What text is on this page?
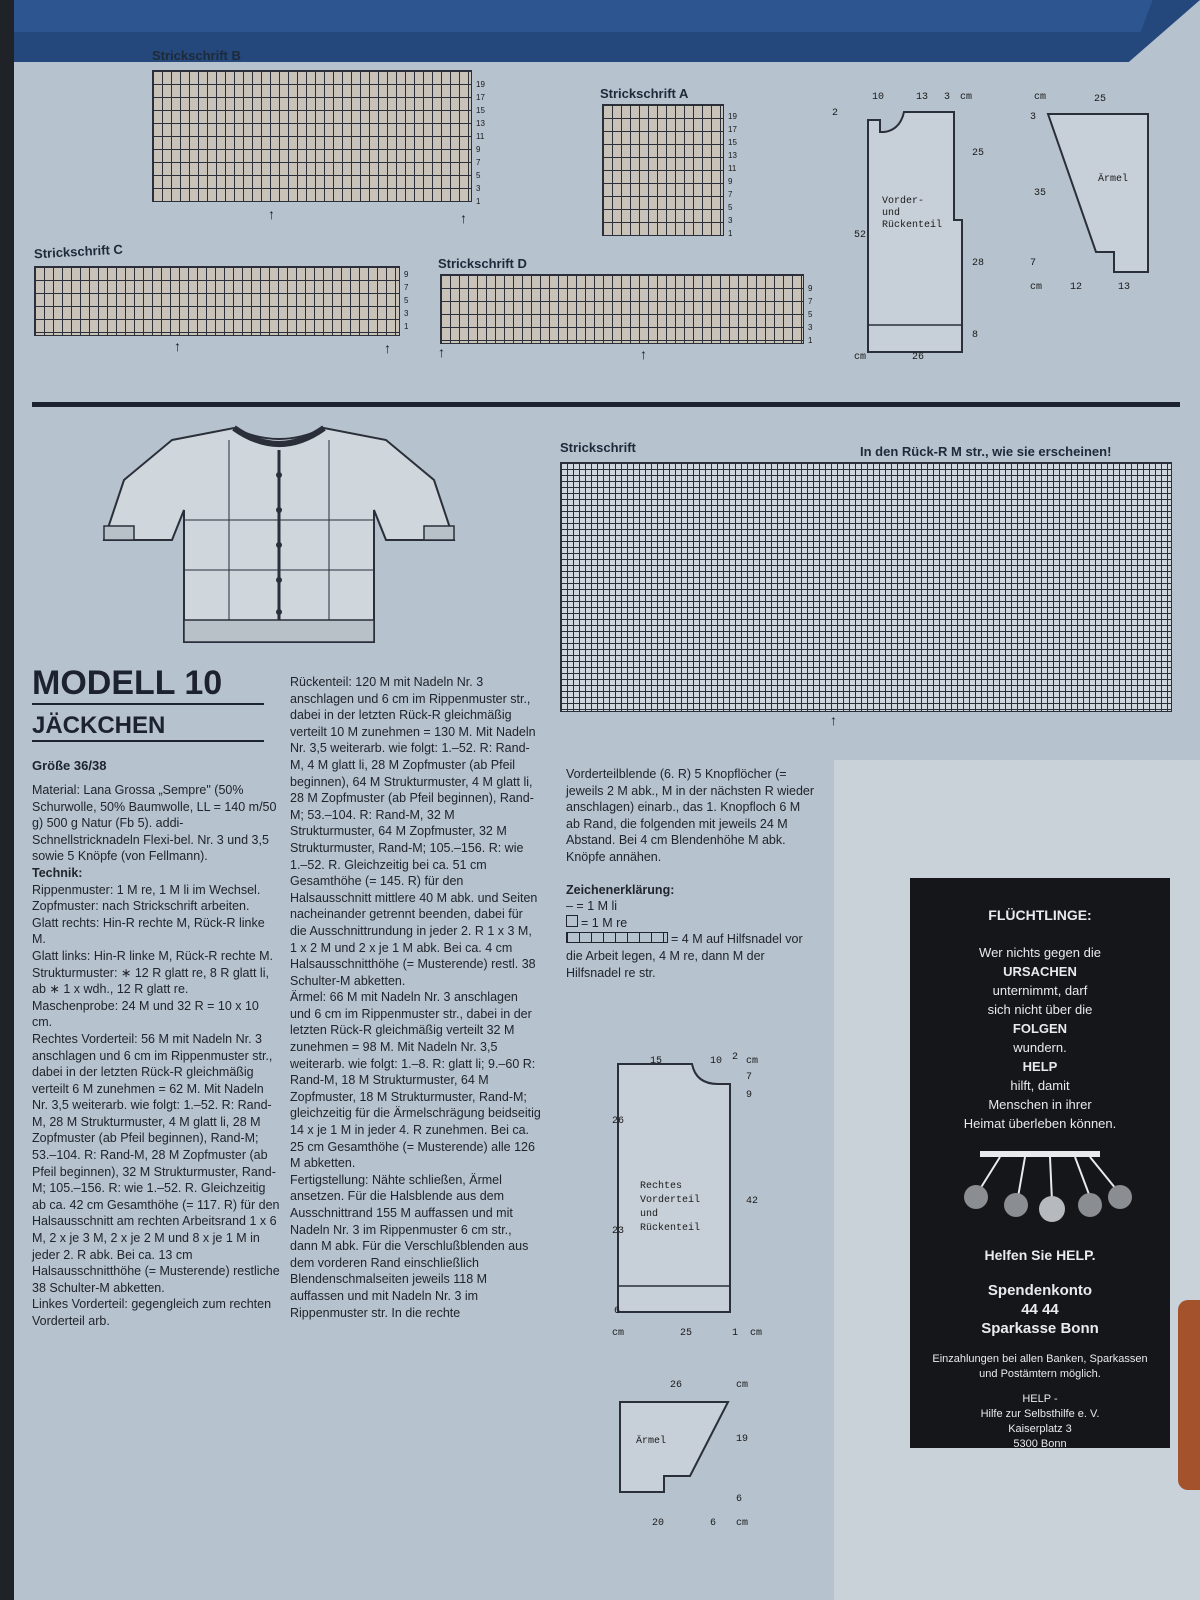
Strickschrift B
19
17
15
13
11
9
7
5
3
1
↑	↑
Strickschrift A
19
17
15
13
11
9
7
5
3
1
Strickschrift C
9
7
5
3
1
↑	↑
Strickschrift D
9
7
5
3
1
↑	↑
10	13 3 cm
2
25
52
28
8
cm	26
Vorder-
und
Rückenteil
cm	25
3
35
Ärmel
7
cm	12	13
Strickschrift	In den Rück-R M str., wie sie erscheinen!
↑
MODELL 10
JÄCKCHEN
Größe 36/38

Material: Lana Grossa „Sempre" (50% Schurwolle, 50% Baumwolle, LL = 140 m/50 g) 500 g Natur (Fb 5). addi-Schnellstricknadeln Flexi-bel. Nr. 3 und 3,5 sowie 5 Knöpfe (von Fellmann).

Technik:

Rippenmuster: 1 M re, 1 M li im Wechsel.

Zopfmuster: nach Strickschrift arbeiten.

Glatt rechts: Hin-R rechte M, Rück-R linke M.

Glatt links: Hin-R linke M, Rück-R rechte M.

Strukturmuster: ∗ 12 R glatt re, 8 R glatt li, ab ∗ 1 x wdh., 12 R glatt re.

Maschenprobe: 24 M und 32 R = 10 x 10 cm.

Rechtes Vorderteil: 56 M mit Nadeln Nr. 3 anschlagen und 6 cm im Rippenmuster str., dabei in der letzten Rück-R gleichmäßig verteilt 6 M zunehmen = 62 M. Mit Nadeln Nr. 3,5 weiterarb. wie folgt: 1.–52. R: Rand-M, 28 M Strukturmuster, 4 M glatt li, 28 M Zopfmuster (ab Pfeil beginnen), Rand-M; 53.–104. R: Rand-M, 28 M Zopfmuster (ab Pfeil beginnen), 32 M Strukturmuster, Rand-M; 105.–156. R: wie 1.–52. R. Gleichzeitig ab ca. 42 cm Gesamthöhe (= 117. R) für den Halsausschnitt am rechten Arbeitsrand 1 x 6 M, 2 x je 3 M, 2 x je 2 M und 8 x je 1 M in jeder 2. R abk. Bei ca. 13 cm Halsausschnitthöhe (= Musterende) restliche 38 Schulter-M abketten.

Linkes Vorderteil: gegengleich zum rechten Vorderteil arb.

Rückenteil: 120 M mit Nadeln Nr. 3 anschlagen und 6 cm im Rippenmuster str., dabei in der letzten Rück-R gleichmäßig verteilt 10 M zunehmen = 130 M. Mit Nadeln Nr. 3,5 weiterarb. wie folgt: 1.–52. R: Rand-M, 4 M glatt li, 28 M Zopfmuster (ab Pfeil beginnen), 64 M Strukturmuster, 4 M glatt li, 28 M Zopfmuster (ab Pfeil beginnen), Rand-M; 53.–104. R: Rand-M, 32 M Strukturmuster, 64 M Zopfmuster, 32 M Strukturmuster, Rand-M; 105.–156. R: wie 1.–52. R. Gleichzeitig bei ca. 51 cm Gesamthöhe (= 145. R) für den Halsausschnitt mittlere 40 M abk. und Seiten nacheinander getrennt beenden, dabei für die Ausschnittrundung in jeder 2. R 1 x 3 M, 1 x 2 M und 2 x je 1 M abk. Bei ca. 4 cm Halsausschnitthöhe (= Musterende) restl. 38 Schulter-M abketten.

Ärmel: 66 M mit Nadeln Nr. 3 anschlagen und 6 cm im Rippenmuster str., dabei in der letzten Rück-R gleichmäßig verteilt 32 M zunehmen = 98 M. Mit Nadeln Nr. 3,5 weiterarb. wie folgt: 1.–8. R: glatt li; 9.–60 R: Rand-M, 18 M Strukturmuster, 64 M Zopfmuster, 18 M Strukturmuster, Rand-M; gleichzeitig für die Ärmelschrägung beidseitig 14 x je 1 M in jeder 4. R zunehmen. Bei ca. 25 cm Gesamthöhe (= Musterende) alle 126 M abketten.

Fertigstellung: Nähte schließen, Ärmel ansetzen. Für die Halsblende aus dem Ausschnittrand 155 M auffassen und mit Nadeln Nr. 3 im Rippenmuster 6 cm str., dann M abk. Für die Verschlußblenden aus dem vorderen Rand einschließlich Blendenschmalseiten jeweils 118 M auffassen und mit Nadeln Nr. 3 im Rippenmuster str. In die rechte

Vorderteilblende (6. R) 5 Knopflöcher (= jeweils 2 M abk., M in der nächsten R wieder anschlagen) einarb., das 1. Knopfloch 6 M ab Rand, die folgenden mit jeweils 24 M Abstand. Bei 4 cm Blendenhöhe M abk. Knöpfe annähen.

Zeichenerklärung:

– = 1 M li

= 1 M re

= 4 M auf Hilfsnadel vor die Arbeit legen, 4 M re, dann M der Hilfsnadel re str.

15	10 2 cm
7
9
26
42
23
6
cm	25	1 cm
Rechtes
Vorderteil
und
Rückenteil
26	cm
Ärmel	19
6
20	6 cm
FLÜCHTLINGE:
Wer nichts gegen die
URSACHEN
unternimmt, darf
sich nicht über die
FOLGEN
wundern.
HELP
hilft, damit
Menschen in ihrer
Heimat überleben können.
Helfen Sie HELP.
Spendenkonto
44 44
Sparkasse Bonn
Einzahlungen bei allen Banken, Sparkassen und Postämtern möglich.
HELP -
Hilfe zur Selbsthilfe e. V.
Kaiserplatz 3
5300 Bonn
